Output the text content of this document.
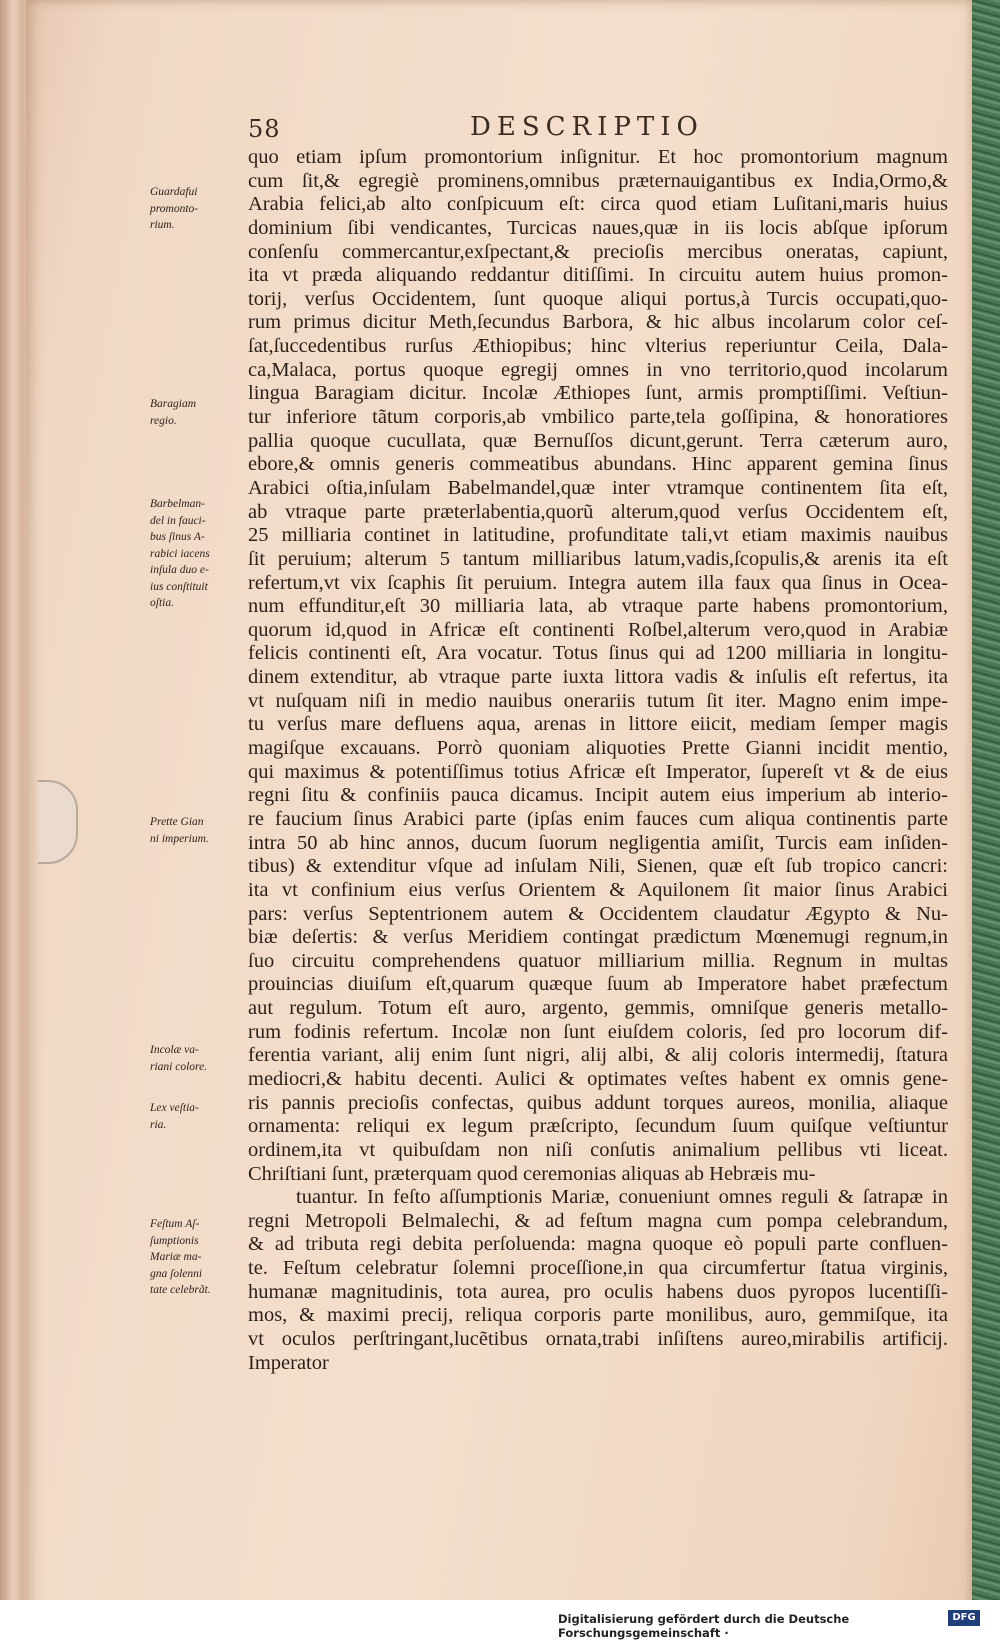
58	DESCRIPTIO
quo etiam ipſum promontorium inſignitur. Et hoc promontorium magnum
cum ſit,& egregiè prominens,omnibus præternauigantibus ex India,Ormo,&
Arabia felici,ab alto conſpicuum eſt: circa quod etiam Luſitani,maris huius
dominium ſibi vendicantes, Turcicas naues,quæ in iis locis abſque ipſorum
conſenſu commercantur,exſpectant,& precioſis mercibus oneratas, capiunt,
ita vt præda aliquando reddantur ditiſſimi. In circuitu autem huius promon-
torij, verſus Occidentem, ſunt quoque aliqui portus,à Turcis occupati,quo-
rum primus dicitur Meth,ſecundus Barbora, & hic albus incolarum color ceſ-
ſat,ſuccedentibus rurſus Æthiopibus; hinc vlterius reperiuntur Ceila, Dala-
ca,Malaca, portus quoque egregij omnes in vno territorio,quod incolarum
lingua Baragiam dicitur. Incolæ Æthiopes ſunt, armis promptiſſimi. Veſtiun-
tur inferiore tãtum corporis,ab vmbilico parte,tela goſſipina, & honoratiores
pallia quoque cucullata, quæ Bernuſſos dicunt,gerunt. Terra cæterum auro,
ebore,& omnis generis commeatibus abundans. Hinc apparent gemina ſinus
Arabici oſtia,inſulam Babelmandel,quæ inter vtramque continentem ſita eſt,
ab vtraque parte præterlabentia,quorũ alterum,quod verſus Occidentem eſt,
25 milliaria continet in latitudine, profunditate tali,vt etiam maximis nauibus
ſit peruium; alterum 5 tantum milliaribus latum,vadis,ſcopulis,& arenis ita eſt
refertum,vt vix ſcaphis ſit peruium. Integra autem illa faux qua ſinus in Ocea-
num effunditur,eſt 30 milliaria lata, ab vtraque parte habens promontorium,
quorum id,quod in Africæ eſt continenti Roſbel,alterum vero,quod in Arabiæ
felicis continenti eſt, Ara vocatur. Totus ſinus qui ad 1200 milliaria in longitu-
dinem extenditur, ab vtraque parte iuxta littora vadis & inſulis eſt refertus, ita
vt nuſquam niſi in medio nauibus onerariis tutum ſit iter. Magno enim impe-
tu verſus mare defluens aqua, arenas in littore eiicit, mediam ſemper magis
magiſque excauans. Porrò quoniam aliquoties Prette Gianni incidit mentio,
qui maximus & potentiſſimus totius Africæ eſt Imperator, ſupereſt vt & de eius
regni ſitu & confiniis pauca dicamus. Incipit autem eius imperium ab interio-
re faucium ſinus Arabici parte (ipſas enim fauces cum aliqua continentis parte
intra 50 ab hinc annos, ducum ſuorum negligentia amiſit, Turcis eam inſiden-
tibus) & extenditur vſque ad inſulam Nili, Sienen, quæ eſt ſub tropico cancri:
ita vt confinium eius verſus Orientem & Aquilonem ſit maior ſinus Arabici
pars: verſus Septentrionem autem & Occidentem claudatur Ægypto & Nu-
biæ deſertis: & verſus Meridiem contingat prædictum Mœnemugi regnum,in
ſuo circuitu comprehendens quatuor milliarium millia. Regnum in multas
prouincias diuiſum eſt,quarum quæque ſuum ab Imperatore habet præfectum
aut regulum. Totum eſt auro, argento, gemmis, omniſque generis metallo-
rum fodinis refertum. Incolæ non ſunt eiuſdem coloris, ſed pro locorum dif-
ferentia variant, alij enim ſunt nigri, alij albi, & alij coloris intermedij, ſtatura
mediocri,& habitu decenti. Aulici & optimates veſtes habent ex omnis gene-
ris pannis precioſis confectas, quibus addunt torques aureos, monilia, aliaque
ornamenta: reliqui ex legum præſcripto, ſecundum ſuum quiſque veſtiuntur
ordinem,ita vt quibuſdam non niſi conſutis animalium pellibus vti liceat.
Chriſtiani ſunt, præterquam quod ceremonias aliquas ab Hebræis mu-
tuantur. In feſto aſſumptionis Mariæ, conueniunt omnes reguli & ſatrapæ in
regni Metropoli Belmalechi, & ad feſtum magna cum pompa celebrandum,
& ad tributa regi debita perſoluenda: magna quoque eò populi parte confluen-
te. Feſtum celebratur ſolemni proceſſione,in qua circumfertur ſtatua virginis,
humanæ magnitudinis, tota aurea, pro oculis habens duos pyropos lucentiſſi-
mos, & maximi precij, reliqua corporis parte monilibus, auro, gemmiſque, ita
vt oculos perſtringant,lucẽtibus ornata,trabi inſiſtens aureo,mirabilis artificij.
Imperator
Guardafui
promonto-
rium.
Baragiam
regio.
Barbelman-
del in fauci-
bus ſinus A-
rabici iacens
inſula duo e-
ius conſtituit
oſtia.
Prette Gian
ni imperium.
Incolæ va-
riani colore.
Lex veſtia-
ria.
Feſtum Aſ-
ſumptionis
Mariæ ma-
gna ſolenni
tate celebrãt.
Digitalisierung gefördert durch die Deutsche Forschungsgemeinschaft ·
DFG
